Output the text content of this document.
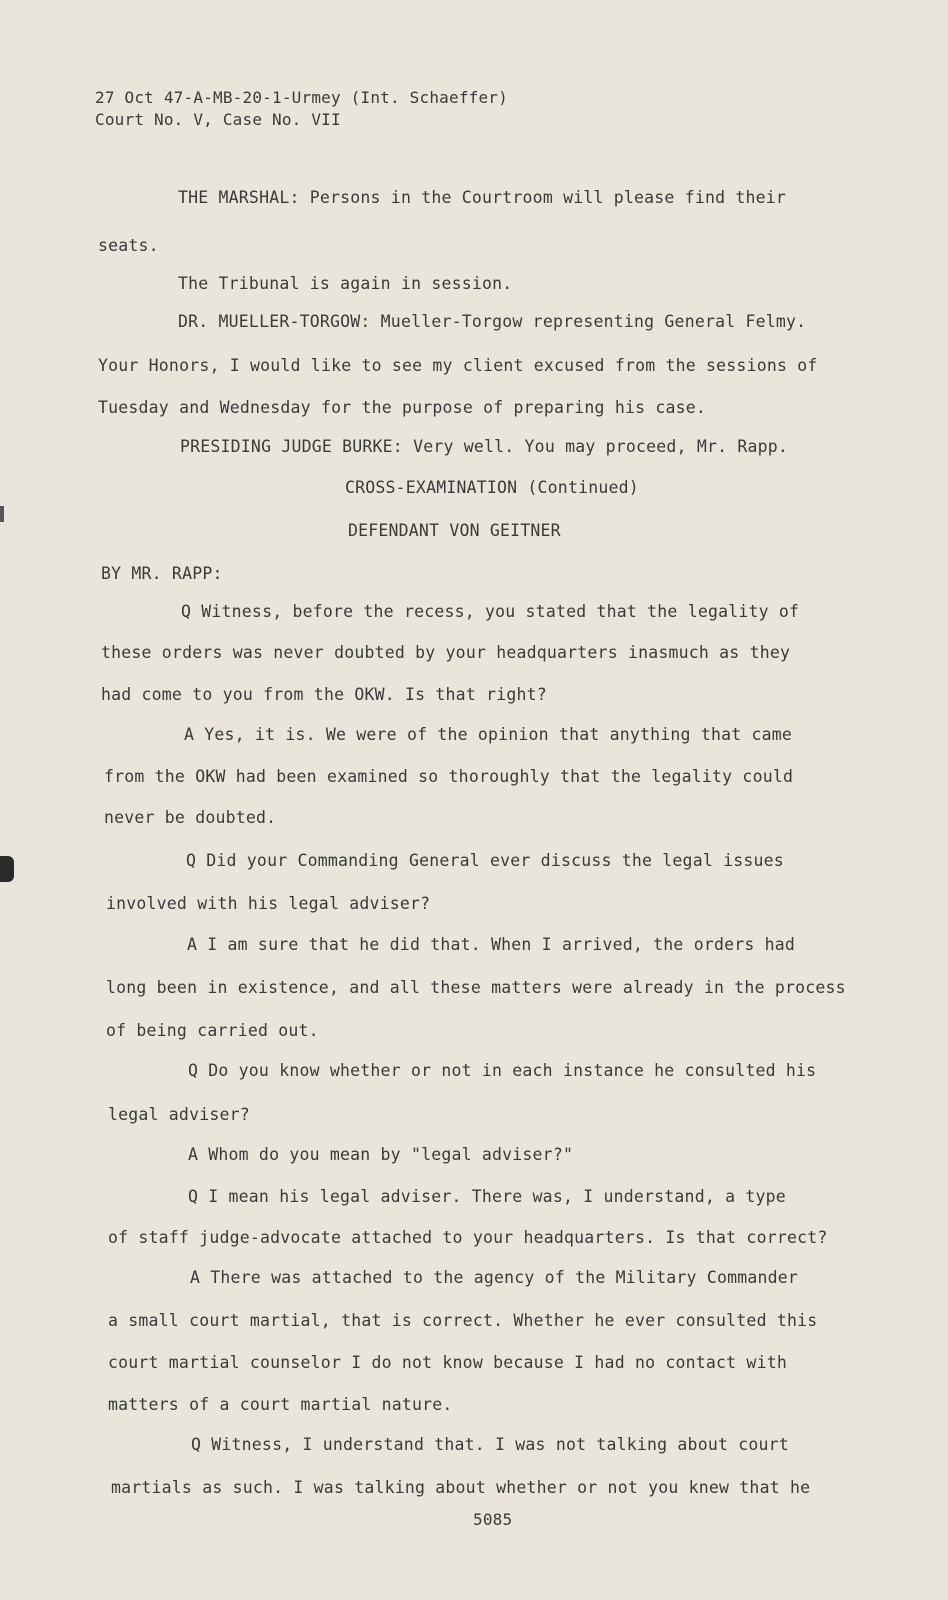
27 Oct 47-A-MB-20-1-Urmey (Int. Schaeffer)
Court No. V, Case No. VII
THE MARSHAL: Persons in the Courtroom will please find their
seats.
The Tribunal is again in session.
DR. MUELLER-TORGOW: Mueller-Torgow representing General Felmy.
Your Honors, I would like to see my client excused from the sessions of
Tuesday and Wednesday for the purpose of preparing his case.
PRESIDING JUDGE BURKE: Very well. You may proceed, Mr. Rapp.
CROSS-EXAMINATION (Continued)
DEFENDANT VON GEITNER
BY MR. RAPP:
Q Witness, before the recess, you stated that the legality of
these orders was never doubted by your headquarters inasmuch as they
had come to you from the OKW. Is that right?
A Yes, it is. We were of the opinion that anything that came
from the OKW had been examined so thoroughly that the legality could
never be doubted.
Q Did your Commanding General ever discuss the legal issues
involved with his legal adviser?
A I am sure that he did that. When I arrived, the orders had
long been in existence, and all these matters were already in the process
of being carried out.
Q Do you know whether or not in each instance he consulted his
legal adviser?
A Whom do you mean by "legal adviser?"
Q I mean his legal adviser. There was, I understand, a type
of staff judge-advocate attached to your headquarters. Is that correct?
A There was attached to the agency of the Military Commander
a small court martial, that is correct. Whether he ever consulted this
court martial counselor I do not know because I had no contact with
matters of a court martial nature.
Q Witness, I understand that. I was not talking about court
martials as such. I was talking about whether or not you knew that he
5085
